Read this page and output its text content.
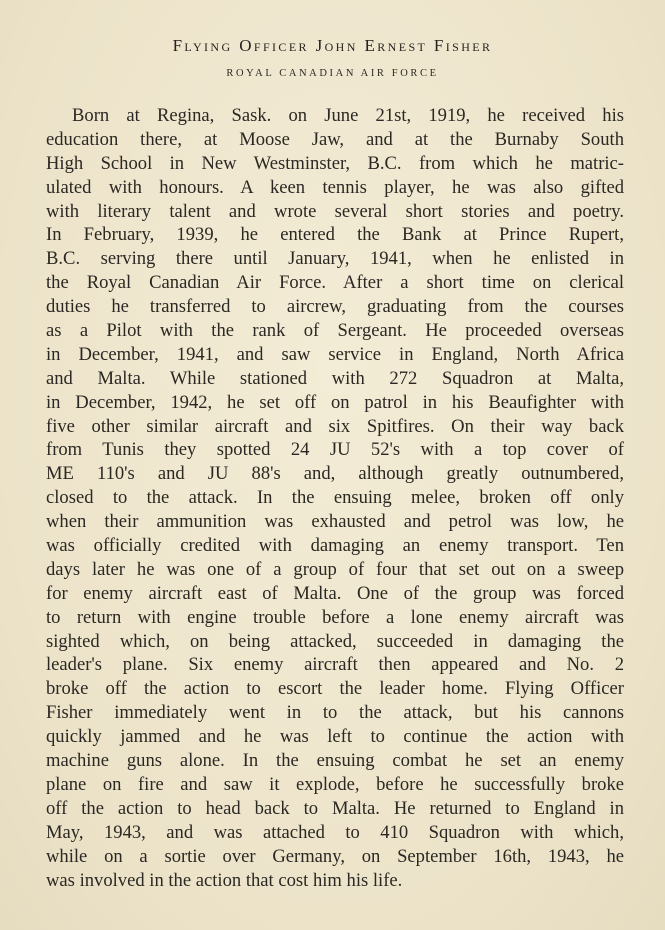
Flying Officer John Ernest Fisher
ROYAL CANADIAN AIR FORCE
Born at Regina, Sask. on June 21st, 1919, he received his
education there, at Moose Jaw, and at the Burnaby South
High School in New Westminster, B.C. from which he matric-
ulated with honours. A keen tennis player, he was also gifted
with literary talent and wrote several short stories and poetry.
In February, 1939, he entered the Bank at Prince Rupert,
B.C. serving there until January, 1941, when he enlisted in
the Royal Canadian Air Force. After a short time on clerical
duties he transferred to aircrew, graduating from the courses
as a Pilot with the rank of Sergeant. He proceeded overseas
in December, 1941, and saw service in England, North Africa
and Malta. While stationed with 272 Squadron at Malta,
in December, 1942, he set off on patrol in his Beaufighter with
five other similar aircraft and six Spitfires. On their way back
from Tunis they spotted 24 JU 52's with a top cover of
ME 110's and JU 88's and, although greatly outnumbered,
closed to the attack. In the ensuing melee, broken off only
when their ammunition was exhausted and petrol was low, he
was officially credited with damaging an enemy transport. Ten
days later he was one of a group of four that set out on a sweep
for enemy aircraft east of Malta. One of the group was forced
to return with engine trouble before a lone enemy aircraft was
sighted which, on being attacked, succeeded in damaging the
leader's plane. Six enemy aircraft then appeared and No. 2
broke off the action to escort the leader home. Flying Officer
Fisher immediately went in to the attack, but his cannons
quickly jammed and he was left to continue the action with
machine guns alone. In the ensuing combat he set an enemy
plane on fire and saw it explode, before he successfully broke
off the action to head back to Malta. He returned to England in
May, 1943, and was attached to 410 Squadron with which,
while on a sortie over Germany, on September 16th, 1943, he
was involved in the action that cost him his life.
